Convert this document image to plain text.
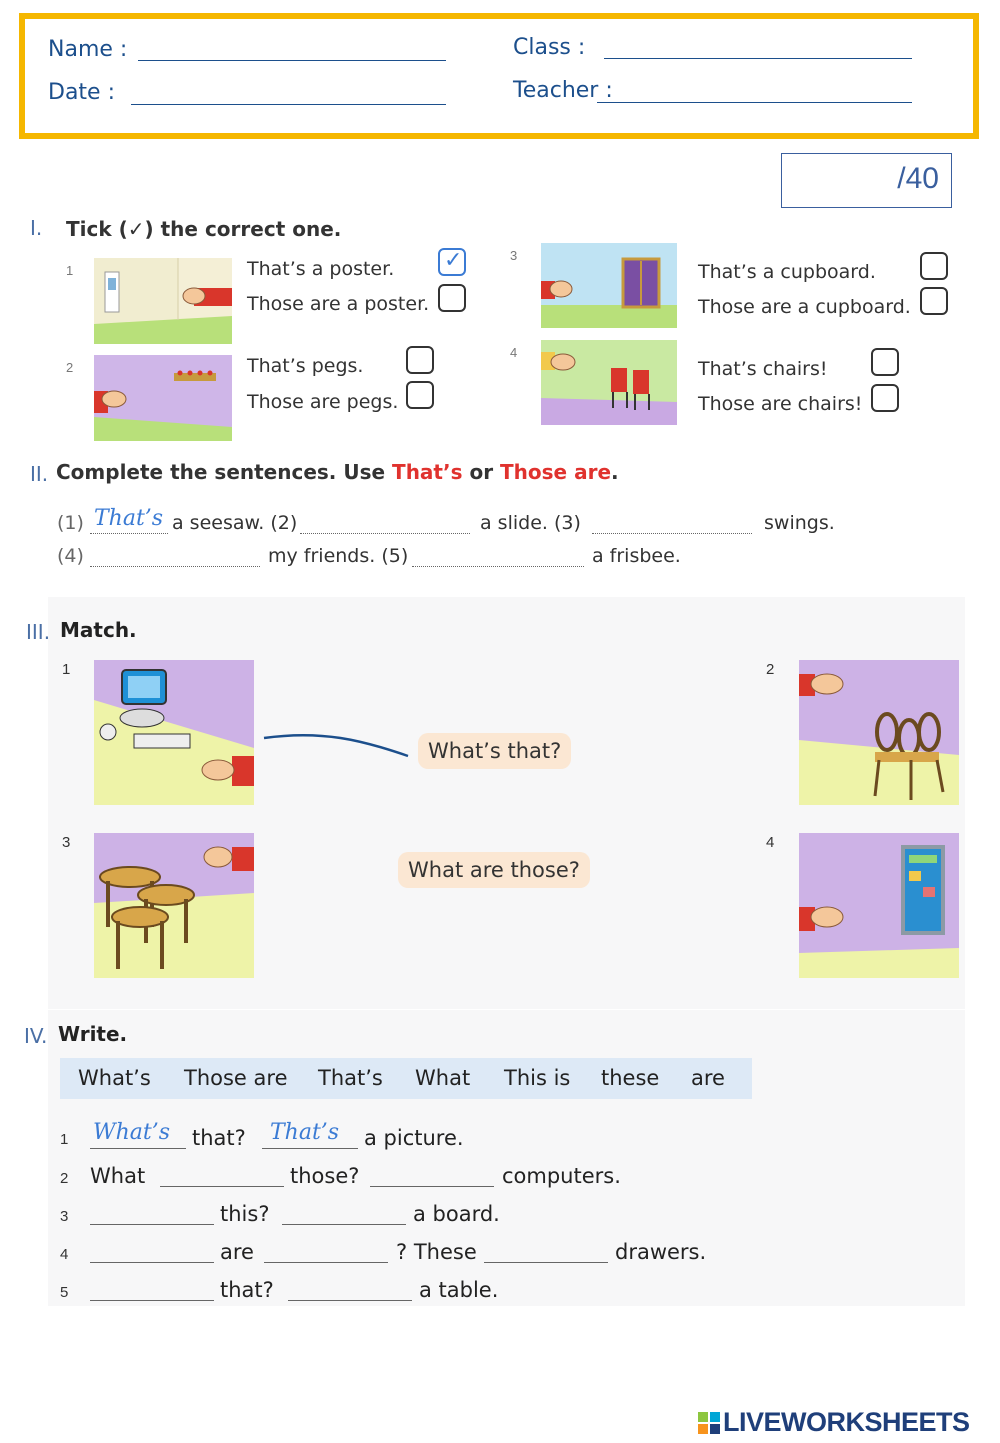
Name :
Date :
Class :
Teacher :
/40
I. Tick (✓) the correct one.
1	That’s a poster.
Those are a poster.
✓
2	That’s pegs.
Those are pegs.
3
That’s a cupboard.
Those are a cupboard.
4
That’s chairs!
Those are chairs!
II. Complete the sentences. Use That’s or Those are.
(1) That’s a seesaw. (2)	a slide. (3)	swings.
(4)	my friends. (5)	a frisbee.
III. Match.
1	2
3	4
What’s that?
What are those?
IV. Write.
What’s Those are That’s What This is these are
1 What’s that? That’s a picture.
2 What	those?	computers.
3	this?	a board.
4	are	? These	drawers.
5	that?	a table.
LIVEWORKSHEETS
